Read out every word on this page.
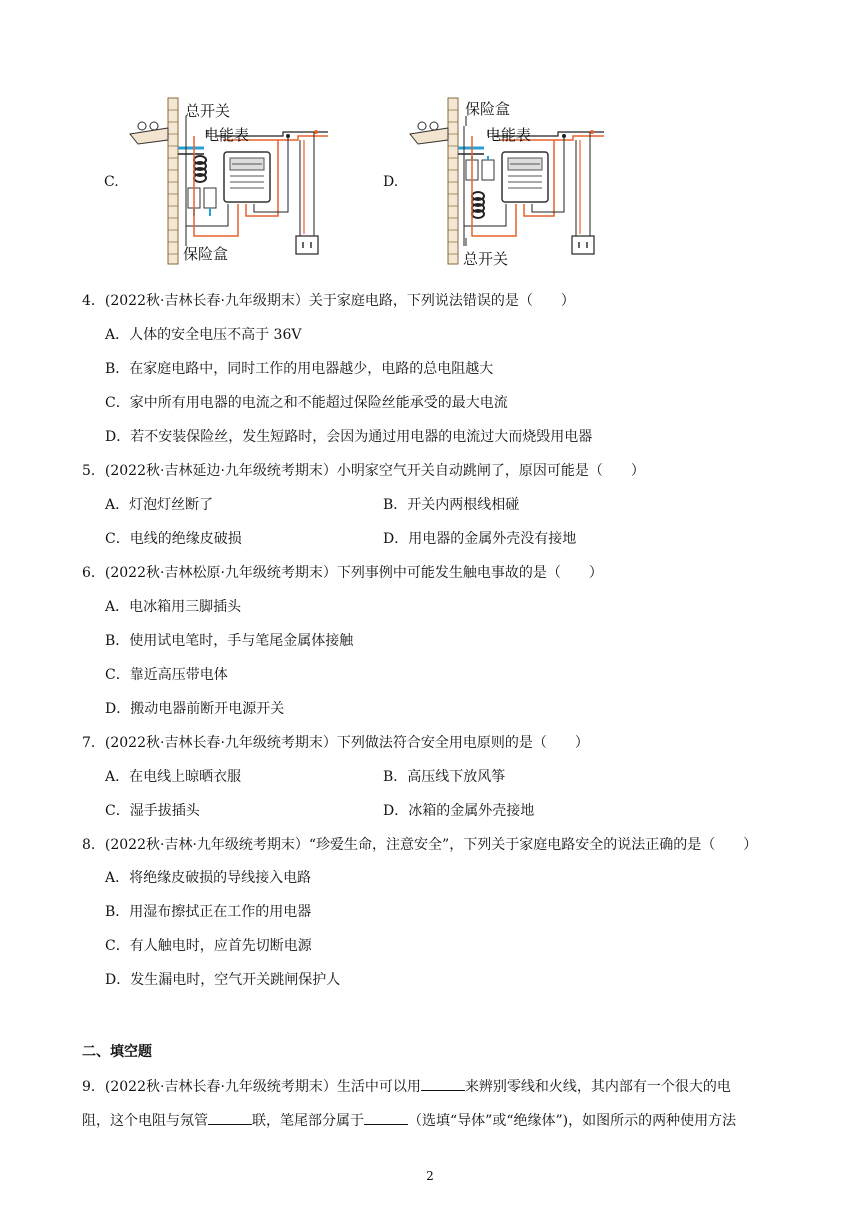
C.
总开关
电能表
保险盒
D.
保险盒
电能表
总开关
4．(2022秋·吉林长春·九年级期末）关于家庭电路，下列说法错误的是（　　）
A．人体的安全电压不高于 36V
B．在家庭电路中，同时工作的用电器越少，电路的总电阻越大
C．家中所有用电器的电流之和不能超过保险丝能承受的最大电流
D．若不安装保险丝，发生短路时，会因为通过用电器的电流过大而烧毁用电器
5．(2022秋·吉林延边·九年级统考期末）小明家空气开关自动跳闸了，原因可能是（　　）
A．灯泡灯丝断了	B．开关内两根线相碰
C．电线的绝缘皮破损	D．用电器的金属外壳没有接地
6．(2022秋·吉林松原·九年级统考期末）下列事例中可能发生触电事故的是（　　）
A．电冰箱用三脚插头
B．使用试电笔时，手与笔尾金属体接触
C．靠近高压带电体
D．搬动电器前断开电源开关
7．(2022秋·吉林长春·九年级统考期末）下列做法符合安全用电原则的是（　　）
A．在电线上晾晒衣服	B．高压线下放风筝
C．湿手拔插头	D．冰箱的金属外壳接地
8．(2022秋·吉林·九年级统考期末）“珍爱生命，注意安全”，下列关于家庭电路安全的说法正确的是（　　）
A．将绝缘皮破损的导线接入电路
B．用湿布擦拭正在工作的用电器
C．有人触电时，应首先切断电源
D．发生漏电时，空气开关跳闸保护人
二、填空题
9．(2022秋·吉林长春·九年级统考期末）生活中可以用	来辨别零线和火线，其内部有一个很大的电
阻，这个电阻与氖管	联，笔尾部分属于	（选填“导体”或“绝缘体”)，如图所示的两种使用方法
2
